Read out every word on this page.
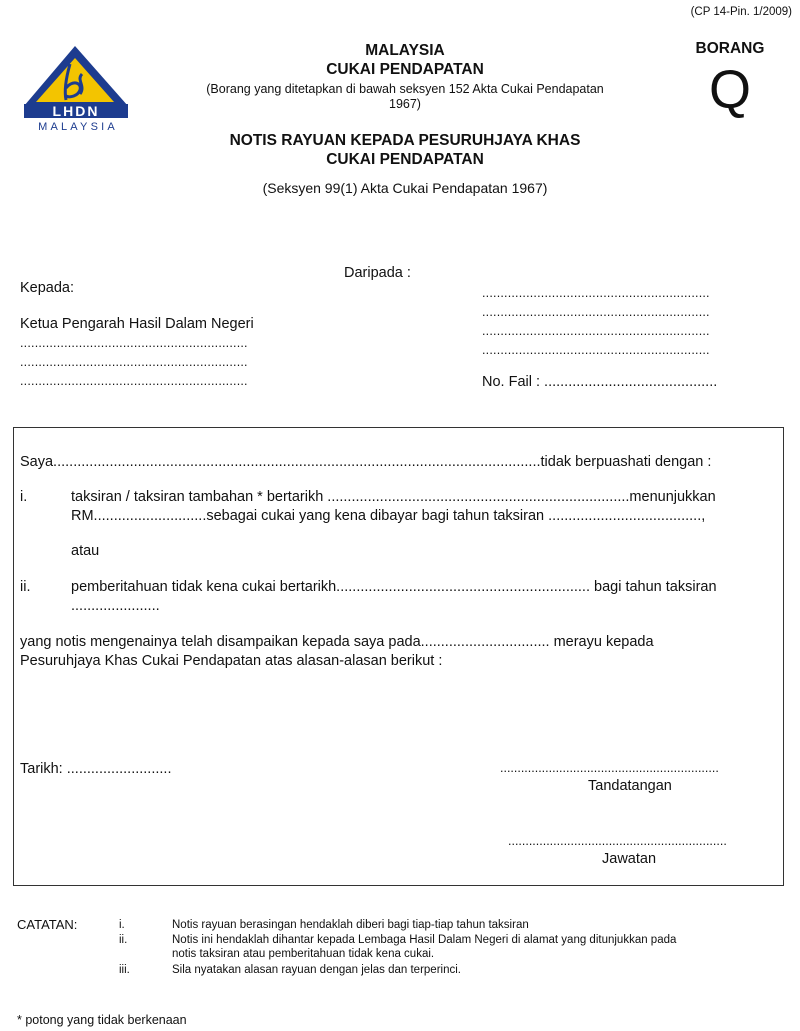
(CP 14-Pin. 1/2009)
LHDN
MALAYSIA
MALAYSIA
CUKAI PENDAPATAN
(Borang yang ditetapkan di bawah seksyen 152 Akta Cukai Pendapatan
1967)
NOTIS RAYUAN KEPADA PESURUHJAYA KHAS
CUKAI PENDAPATAN
(Seksyen 99(1) Akta Cukai Pendapatan 1967)
BORANG
Q
Daripada :
..............................................................
..............................................................
..............................................................
..............................................................
No. Fail : ...........................................
Kepada:
Ketua Pengarah Hasil Dalam Negeri
..............................................................
..............................................................
..............................................................
Saya.........................................................................................................................tidak berpuashati dengan :
i.	taksiran / taksiran tambahan * bertarikh ...........................................................................menunjukkan
RM............................sebagai cukai yang kena dibayar bagi tahun taksiran ......................................,
atau
ii.	pemberitahuan tidak kena cukai bertarikh............................................................... bagi tahun taksiran
......................
yang notis mengenainya telah disampaikan kepada saya pada................................ merayu kepada
Pesuruhjaya Khas Cukai Pendapatan atas alasan-alasan berikut :
Tarikh: ..........................	...............................................................
Tandatangan
...............................................................
Jawatan
CATATAN:	i.	Notis rayuan berasingan hendaklah diberi bagi tiap-tiap tahun taksiran
ii.	Notis ini hendaklah dihantar kepada Lembaga Hasil Dalam Negeri di alamat yang ditunjukkan pada
notis taksiran atau pemberitahuan tidak kena cukai.
iii.	Sila nyatakan alasan rayuan dengan jelas dan terperinci.
* potong yang tidak berkenaan
